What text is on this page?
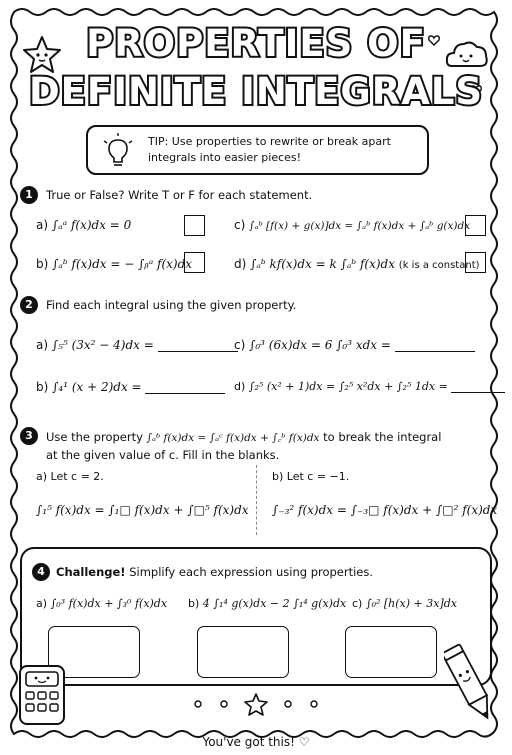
PROPERTIES OF
DEFINITE INTEGRALS
TIP: Use properties to rewrite or break apart integrals into easier pieces!
1	True or False? Write T or F for each statement.
a) ∫ₐᵃ f(x)dx = 0	c) ∫ₐᵇ [f(x) + g(x)]dx = ∫ₐᵇ f(x)dx + ∫ₐᵇ g(x)dx
b) ∫ₐᵇ f(x)dx = − ∫ᵦᵃ f(x)dx	d) ∫ₐᵇ kf(x)dx = k ∫ₐᵇ f(x)dx (k is a constant)
2	Find each integral using the given property.
a) ∫₅⁵ (3x² − 4)dx =	c) ∫₀³ (6x)dx = 6 ∫₀³ xdx =
b) ∫₄¹ (x + 2)dx =	d) ∫₂⁵ (x² + 1)dx = ∫₂⁵ x²dx + ∫₂⁵ 1dx =
3	Use the property ∫ₐᵇ f(x)dx = ∫ₐᶜ f(x)dx + ∫꜀ᵇ f(x)dx to break the integral at the given value of c. Fill in the blanks.
a) Let c = 2.
∫₁⁵ f(x)dx = ∫₁□ f(x)dx + ∫□⁵ f(x)dx
b) Let c = −1.
∫₋₃² f(x)dx = ∫₋₃□ f(x)dx + ∫□² f(x)dx
4 Challenge! Simplify each expression using properties.
a) ∫₀³ f(x)dx + ∫₃⁰ f(x)dx b) 4 ∫₁⁴ g(x)dx − 2 ∫₁⁴ g(x)dx c) ∫₀² [h(x) + 3x]dx
You've got this! ♡
